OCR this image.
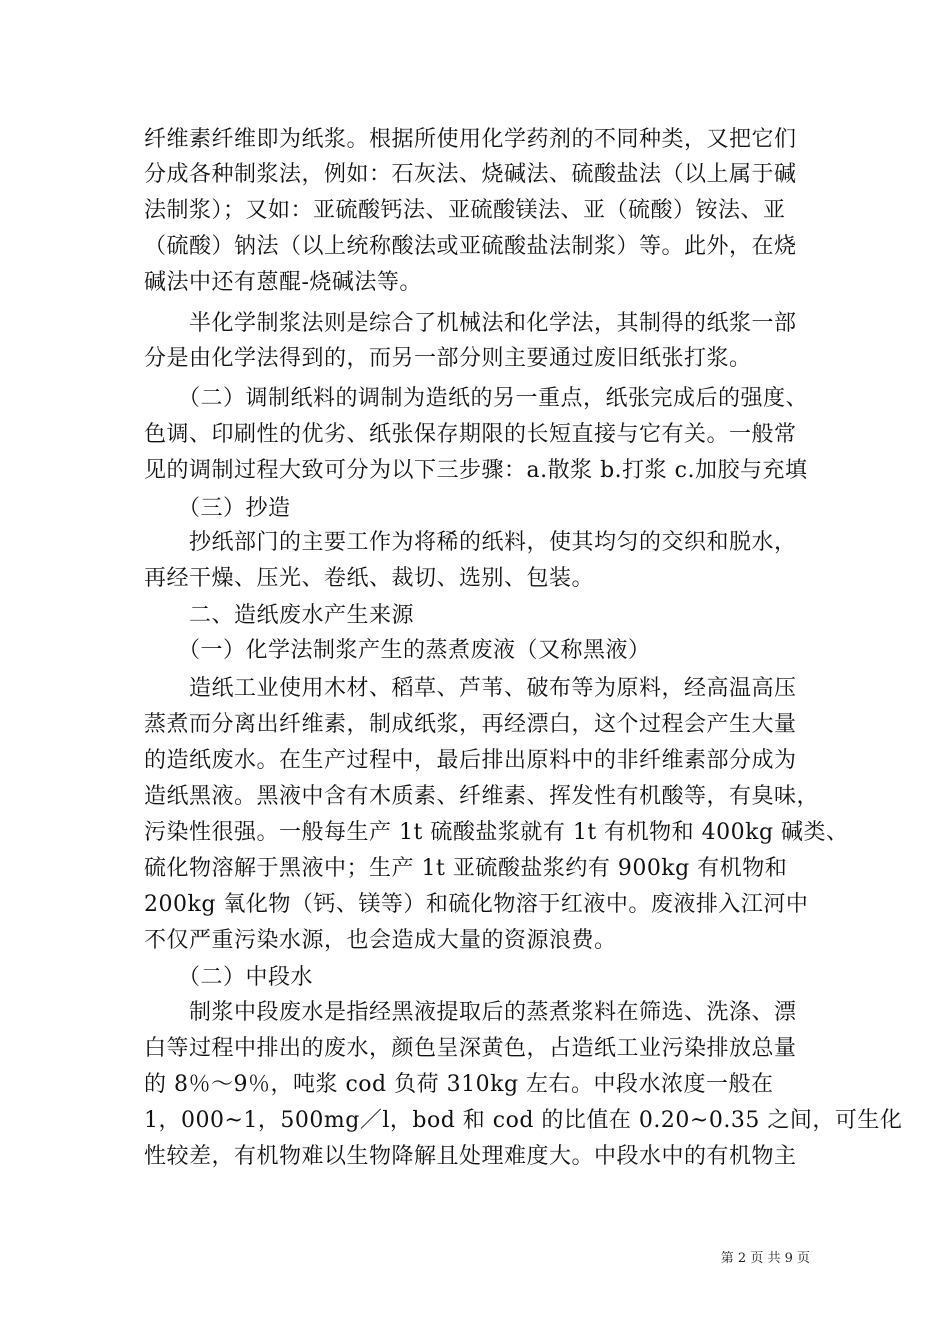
纤维素纤维即为纸浆。根据所使用化学药剂的不同种类，又把它们
分成各种制浆法，例如：石灰法、烧碱法、硫酸盐法（以上属于碱
法制浆）；又如：亚硫酸钙法、亚硫酸镁法、亚（硫酸）铵法、亚
（硫酸）钠法（以上统称酸法或亚硫酸盐法制浆）等。此外，在烧
碱法中还有蒽醌-烧碱法等。
　　半化学制浆法则是综合了机械法和化学法，其制得的纸浆一部
分是由化学法得到的，而另一部分则主要通过废旧纸张打浆。
　　（二）调制纸料的调制为造纸的另一重点，纸张完成后的强度、
色调、印刷性的优劣、纸张保存期限的长短直接与它有关。一般常
见的调制过程大致可分为以下三步骤：a.散浆 b.打浆 c.加胶与充填
　　（三）抄造
　　抄纸部门的主要工作为将稀的纸料，使其均匀的交织和脱水，
再经干燥、压光、卷纸、裁切、选别、包装。
　　二、造纸废水产生来源
　　（一）化学法制浆产生的蒸煮废液（又称黑液）
　　造纸工业使用木材、稻草、芦苇、破布等为原料，经高温高压
蒸煮而分离出纤维素，制成纸浆，再经漂白，这个过程会产生大量
的造纸废水。在生产过程中，最后排出原料中的非纤维素部分成为
造纸黑液。黑液中含有木质素、纤维素、挥发性有机酸等，有臭味，
污染性很强。一般每生产 1t 硫酸盐浆就有 1t 有机物和 400kg 碱类、
硫化物溶解于黑液中；生产 1t 亚硫酸盐浆约有 900kg 有机物和
200kg 氧化物（钙、镁等）和硫化物溶于红液中。废液排入江河中
不仅严重污染水源，也会造成大量的资源浪费。
　　（二）中段水
　　制浆中段废水是指经黑液提取后的蒸煮浆料在筛选、洗涤、漂
白等过程中排出的废水，颜色呈深黄色，占造纸工业污染排放总量
的 8％～9％，吨浆 cod 负荷 310kg 左右。中段水浓度一般在
1，000~1，500mg／l，bod 和 cod 的比值在 0.20~0.35 之间，可生化
性较差，有机物难以生物降解且处理难度大。中段水中的有机物主
第 2 页 共 9 页
